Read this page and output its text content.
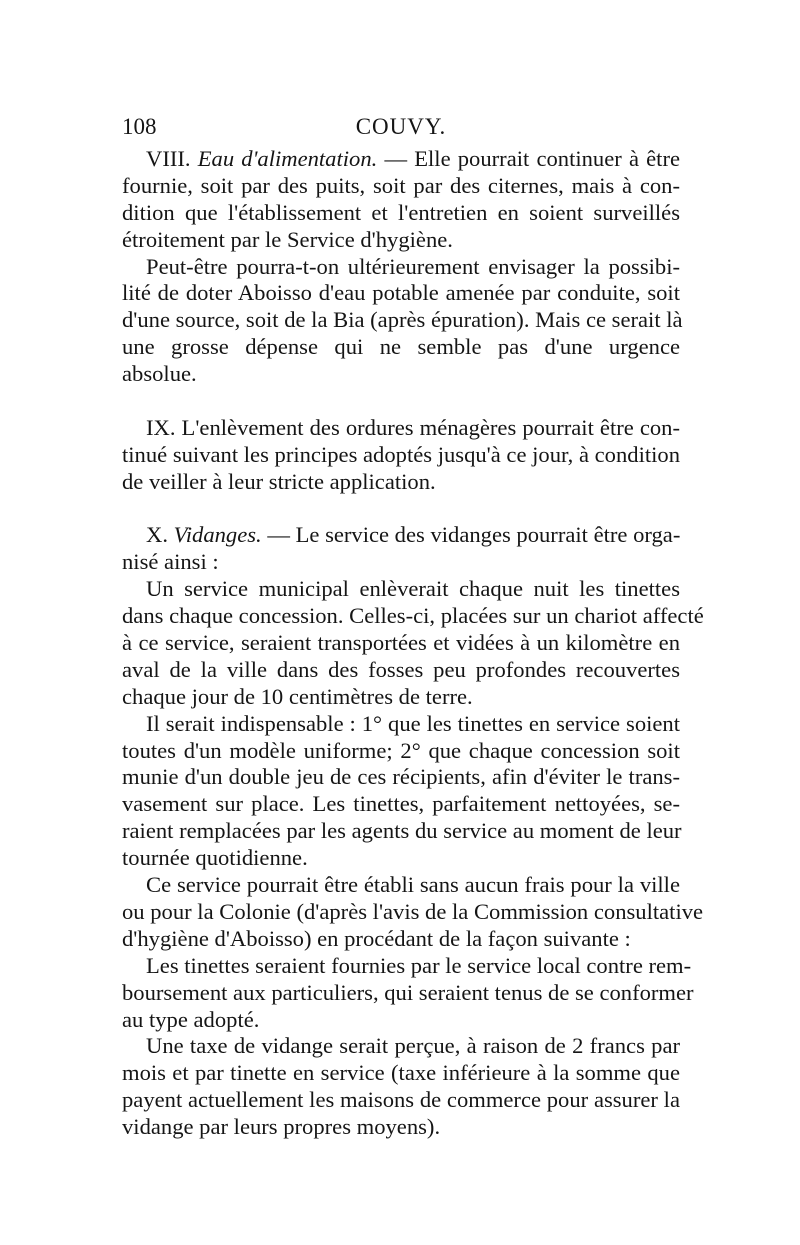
108	COUVY.
VIII. Eau d'alimentation. — Elle pourrait continuer à être
fournie, soit par des puits, soit par des citernes, mais à con-
dition que l'établissement et l'entretien en soient surveillés
étroitement par le Service d'hygiène.
Peut-être pourra-t-on ultérieurement envisager la possibi-
lité de doter Aboisso d'eau potable amenée par conduite, soit
d'une source, soit de la Bia (après épuration). Mais ce serait là
une grosse dépense qui ne semble pas d'une urgence
absolue.
IX. L'enlèvement des ordures ménagères pourrait être con-
tinué suivant les principes adoptés jusqu'à ce jour, à condition
de veiller à leur stricte application.
X. Vidanges. — Le service des vidanges pourrait être orga-
nisé ainsi :
Un service municipal enlèverait chaque nuit les tinettes
dans chaque concession. Celles-ci, placées sur un chariot affecté
à ce service, seraient transportées et vidées à un kilomètre en
aval de la ville dans des fosses peu profondes recouvertes
chaque jour de 10 centimètres de terre.
Il serait indispensable : 1° que les tinettes en service soient
toutes d'un modèle uniforme; 2° que chaque concession soit
munie d'un double jeu de ces récipients, afin d'éviter le trans-
vasement sur place. Les tinettes, parfaitement nettoyées, se-
raient remplacées par les agents du service au moment de leur
tournée quotidienne.
Ce service pourrait être établi sans aucun frais pour la ville
ou pour la Colonie (d'après l'avis de la Commission consultative
d'hygiène d'Aboisso) en procédant de la façon suivante :
Les tinettes seraient fournies par le service local contre rem-
boursement aux particuliers, qui seraient tenus de se conformer
au type adopté.
Une taxe de vidange serait perçue, à raison de 2 francs par
mois et par tinette en service (taxe inférieure à la somme que
payent actuellement les maisons de commerce pour assurer la
vidange par leurs propres moyens).
